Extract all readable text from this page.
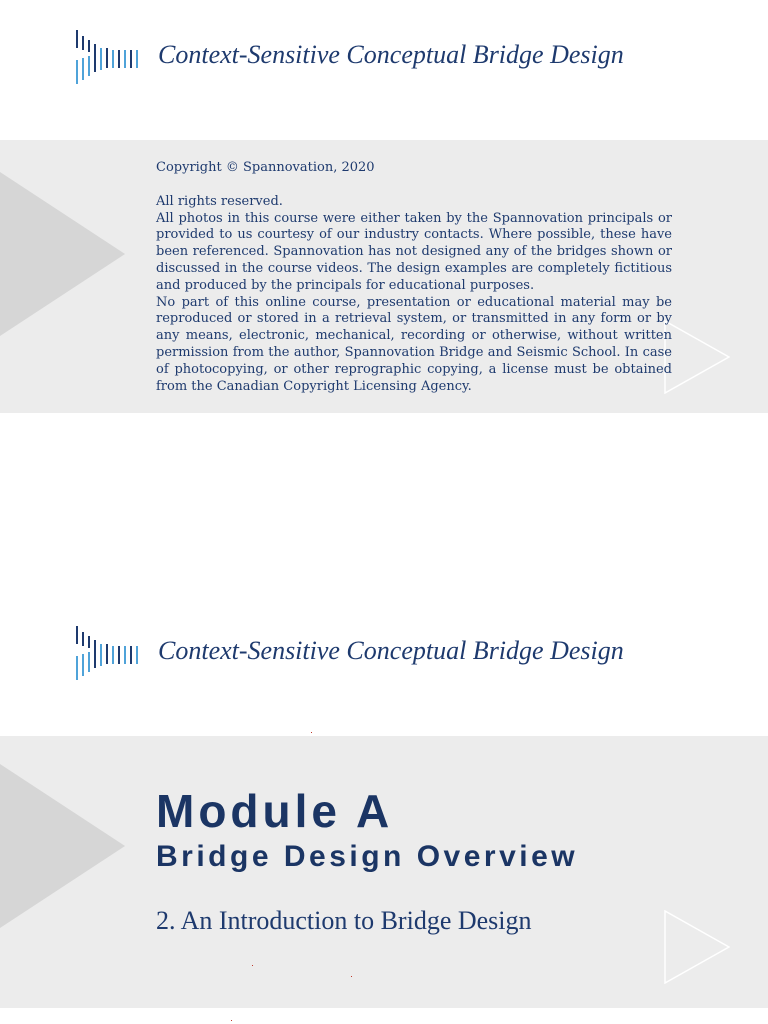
Context-Sensitive Conceptual Bridge Design

Copyright © Spannovation, 2020

All rights reserved.

All photos in this course were either taken by the Spannovation principals or provided to us courtesy of our industry contacts. Where possible, these have been referenced. Spannovation has not designed any of the bridges shown or discussed in the course videos. The design examples are completely fictitious and produced by the principals for educational purposes.

No part of this online course, presentation or educational material may be reproduced or stored in a retrieval system, or transmitted in any form or by any means, electronic, mechanical, recording or otherwise, without written permission from the author, Spannovation Bridge and Seismic School. In case of photocopying, or other reprographic copying, a license must be obtained from the Canadian Copyright Licensing Agency.

Context-Sensitive Conceptual Bridge Design
Module A
Bridge Design Overview
2. An Introduction to Bridge Design
